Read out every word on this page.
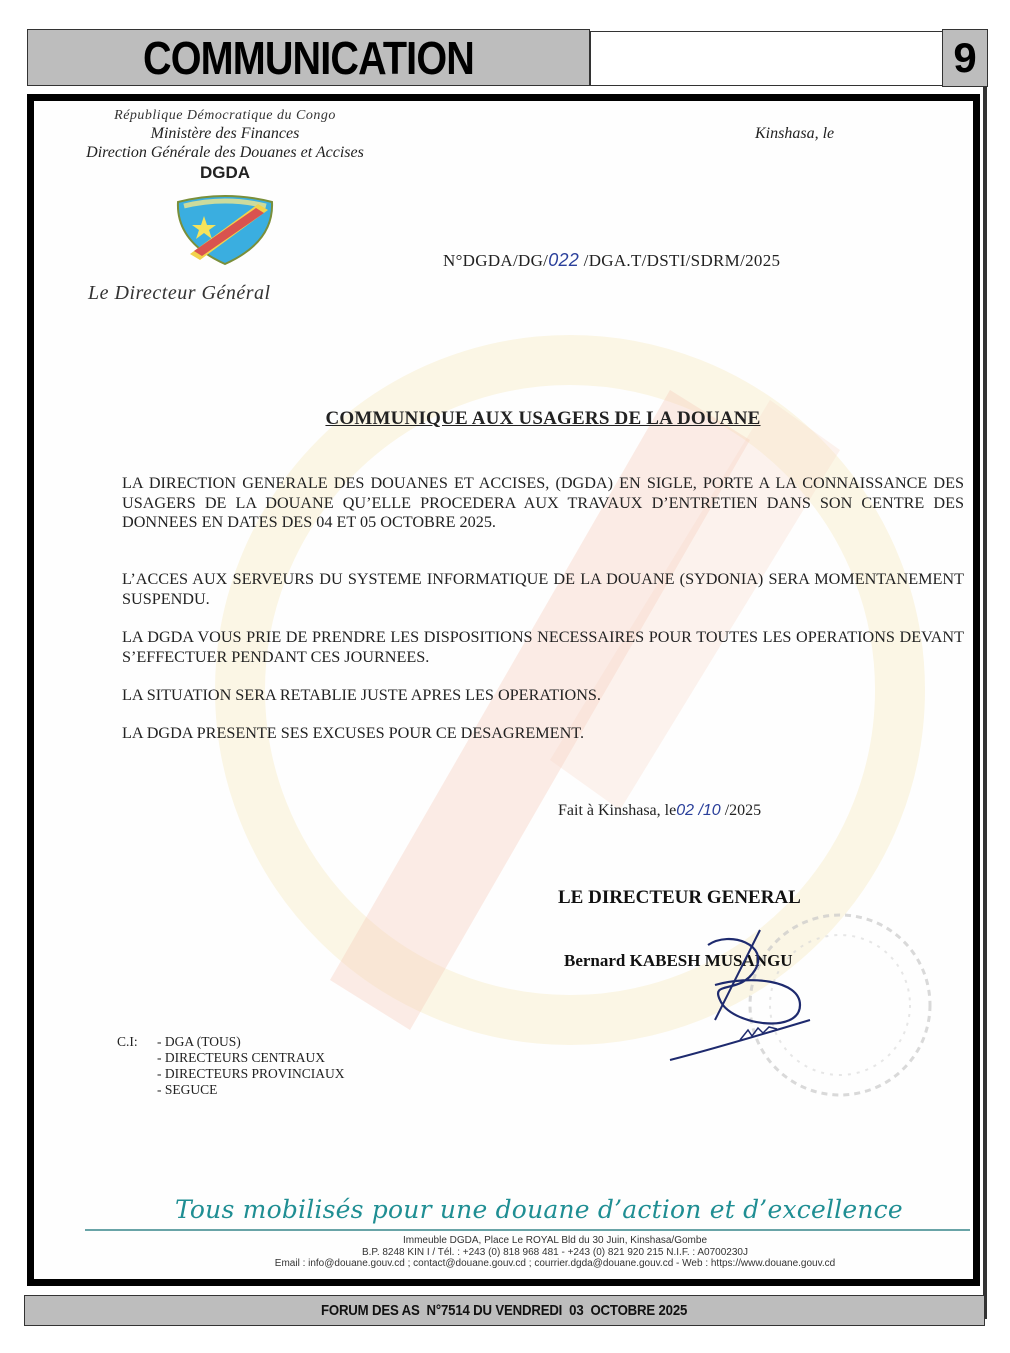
COMMUNICATION	9
République Démocratique du Congo
Ministère des Finances
Direction Générale des Douanes et Accises
DGDA
Le Directeur Général
Kinshasa, le
N°DGDA/DG/022 /DGA.T/DSTI/SDRM/2025
COMMUNIQUE AUX USAGERS DE LA DOUANE
LA DIRECTION GENERALE DES DOUANES ET ACCISES, (DGDA) EN SIGLE, PORTE A LA CONNAISSANCE DES USAGERS DE LA DOUANE QU’ELLE PROCEDERA AUX TRAVAUX D’ENTRETIEN DANS SON CENTRE DES DONNEES EN DATES DES 04 ET 05 OCTOBRE 2025.
L’ACCES AUX SERVEURS DU SYSTEME INFORMATIQUE DE LA DOUANE (SYDONIA) SERA MOMENTANEMENT SUSPENDU.
LA DGDA VOUS PRIE DE PRENDRE LES DISPOSITIONS NECESSAIRES POUR TOUTES LES OPERATIONS DEVANT S’EFFECTUER PENDANT CES JOURNEES.
LA SITUATION SERA RETABLIE JUSTE APRES LES OPERATIONS.
LA DGDA PRESENTE SES EXCUSES POUR CE DESAGREMENT.
Fait à Kinshasa, le02 /10 /2025
LE DIRECTEUR GENERAL
Bernard KABESH MUSANGU
C.I:	- DGA (TOUS)
- DIRECTEURS CENTRAUX
- DIRECTEURS PROVINCIAUX
- SEGUCE
Tous mobilisés pour une douane d’action et d’excellence
Immeuble DGDA, Place Le ROYAL Bld du 30 Juin, Kinshasa/Gombe
B.P. 8248 KIN I / Tél. : +243 (0) 818 968 481 - +243 (0) 821 920 215 N.I.F. : A0700230J
Email : info@douane.gouv.cd ; contact@douane.gouv.cd ; courrier.dgda@douane.gouv.cd - Web : https://www.douane.gouv.cd
FORUM DES AS  N°7514 DU VENDREDI  03  OCTOBRE 2025
